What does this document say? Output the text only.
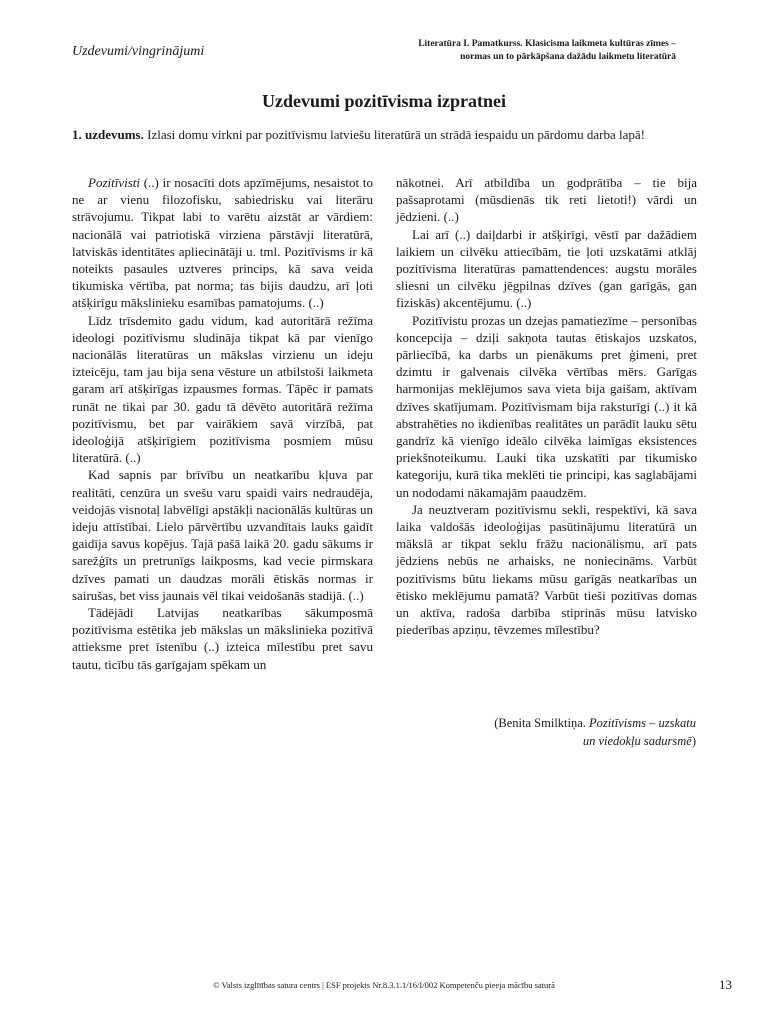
Uzdevumi/vingrinājumi	Literatūra I. Pamatkurss. Klasicisma laikmeta kultūras zīmes –
normas un to pārkāpšana dažādu laikmetu literatūrā
Uzdevumi pozitīvisma izpratnei
1. uzdevums. Izlasi domu virkni par pozitīvismu latviešu literatūrā un strādā iespaidu un pārdomu darba lapā!

Pozitīvisti (..) ir nosacīti dots apzīmējums, nesaistot to ne ar vienu filozofisku, sabiedrisku vai literāru strāvojumu. Tikpat labi to varētu aizstāt ar vārdiem: nacionālā vai patriotiskā virziena pārstāvji literatūrā, latviskās identitātes apliecinātāji u. tml. Pozitīvisms ir kā noteikts pasaules uztveres princips, kā sava veida tikumiska vērtība, pat norma; tas bijis daudzu, arī ļoti atšķirīgu mākslinieku esamības pamatojums. (..)

Līdz trīsdemito gadu vidum, kad autoritārā režīma ideologi pozitīvismu sludināja tikpat kā par vienīgo nacionālās literatūras un mākslas virzienu un ideju izteicēju, tam jau bija sena vēsture un atbilstoši laikmeta garam arī atšķirīgas izpausmes formas. Tāpēc ir pamats runāt ne tikai par 30. gadu tā dēvēto autoritārā režīma pozitīvismu, bet par vairākiem savā virzībā, pat ideoloģijā atšķirīgiem pozitīvisma posmiem mūsu literatūrā. (..)

Kad sapnis par brīvību un neatkarību kļuva par realitāti, cenzūra un svešu varu spaidi vairs nedraudēja, veidojās visnotaļ labvēlīgi apstākļi nacionālās kultūras un ideju attīstībai. Lielo pārvērtību uzvandītais lauks gaidīt gaidīja savus kopējus. Tajā pašā laikā 20. gadu sākums ir sarežģīts un pretrunīgs laikposms, kad vecie pirmskara dzīves pamati un daudzas morāli ētiskās normas ir sairušas, bet viss jaunais vēl tikai veidošanās stadijā. (..)

Tādējādi Latvijas neatkarības sākumposmā pozitīvisma estētika jeb mākslas un mākslinieka pozitīvā attieksme pret īstenību (..) izteica mīlestību pret savu tautu, ticību tās garīgajam spēkam un

nākotnei. Arī atbildība un godprātība – tie bija pašsaprotami (mūsdienās tik reti lietoti!) vārdi un jēdzieni. (..)

Lai arī (..) daiļdarbi ir atšķirīgi, vēstī par dažādiem laikiem un cilvēku attiecībām, tie ļoti uzskatāmi atklāj pozitīvisma literatūras pamattendences: augstu morāles sliesni un cilvēku jēgpilnas dzīves (gan garīgās, gan fiziskās) akcentējumu. (..)

Pozitīvistu prozas un dzejas pamatiezīme – personības koncepcija – dziļi sakņota tautas ētiskajos uzskatos, pārliecībā, ka darbs un pienākums pret ģimeni, pret dzimtu ir galvenais cilvēka vērtības mērs. Garīgas harmonijas meklējumos sava vieta bija gaišam, aktīvam dzīves skatījumam. Pozitīvismam bija raksturīgi (..) it kā abstrahēties no ikdienības realitātes un parādīt lauku sētu gandrīz kā vienīgo ideālo cilvēka laimīgas eksistences priekšnoteikumu. Lauki tika uzskatīti par tikumisko kategoriju, kurā tika meklēti tie principi, kas saglabājami un nododami nākamajām paaudzēm.

Ja neuztveram pozitīvismu sekli, respektīvi, kā sava laika valdošās ideoloģijas pasūtinājumu literatūrā un mākslā ar tikpat seklu frāžu nacionālismu, arī pats jēdziens nebūs ne arhaisks, ne noniecināms. Varbūt pozitīvisms būtu liekams mūsu garīgās neatkarības un ētisko meklējumu pamatā? Varbūt tieši pozitīvas domas un aktīva, radoša darbība stiprinās mūsu latvisko piederības apziņu, tēvzemes mīlestību?

(Benita Smilktiņa. Pozitīvisms – uzskatu
un viedokļu sadursmē)
© Valsts izglītības satura centrs | ESF projekts Nr.8.3.1.1/16/I/002 Kompetenču pieeja mācību saturā	13
